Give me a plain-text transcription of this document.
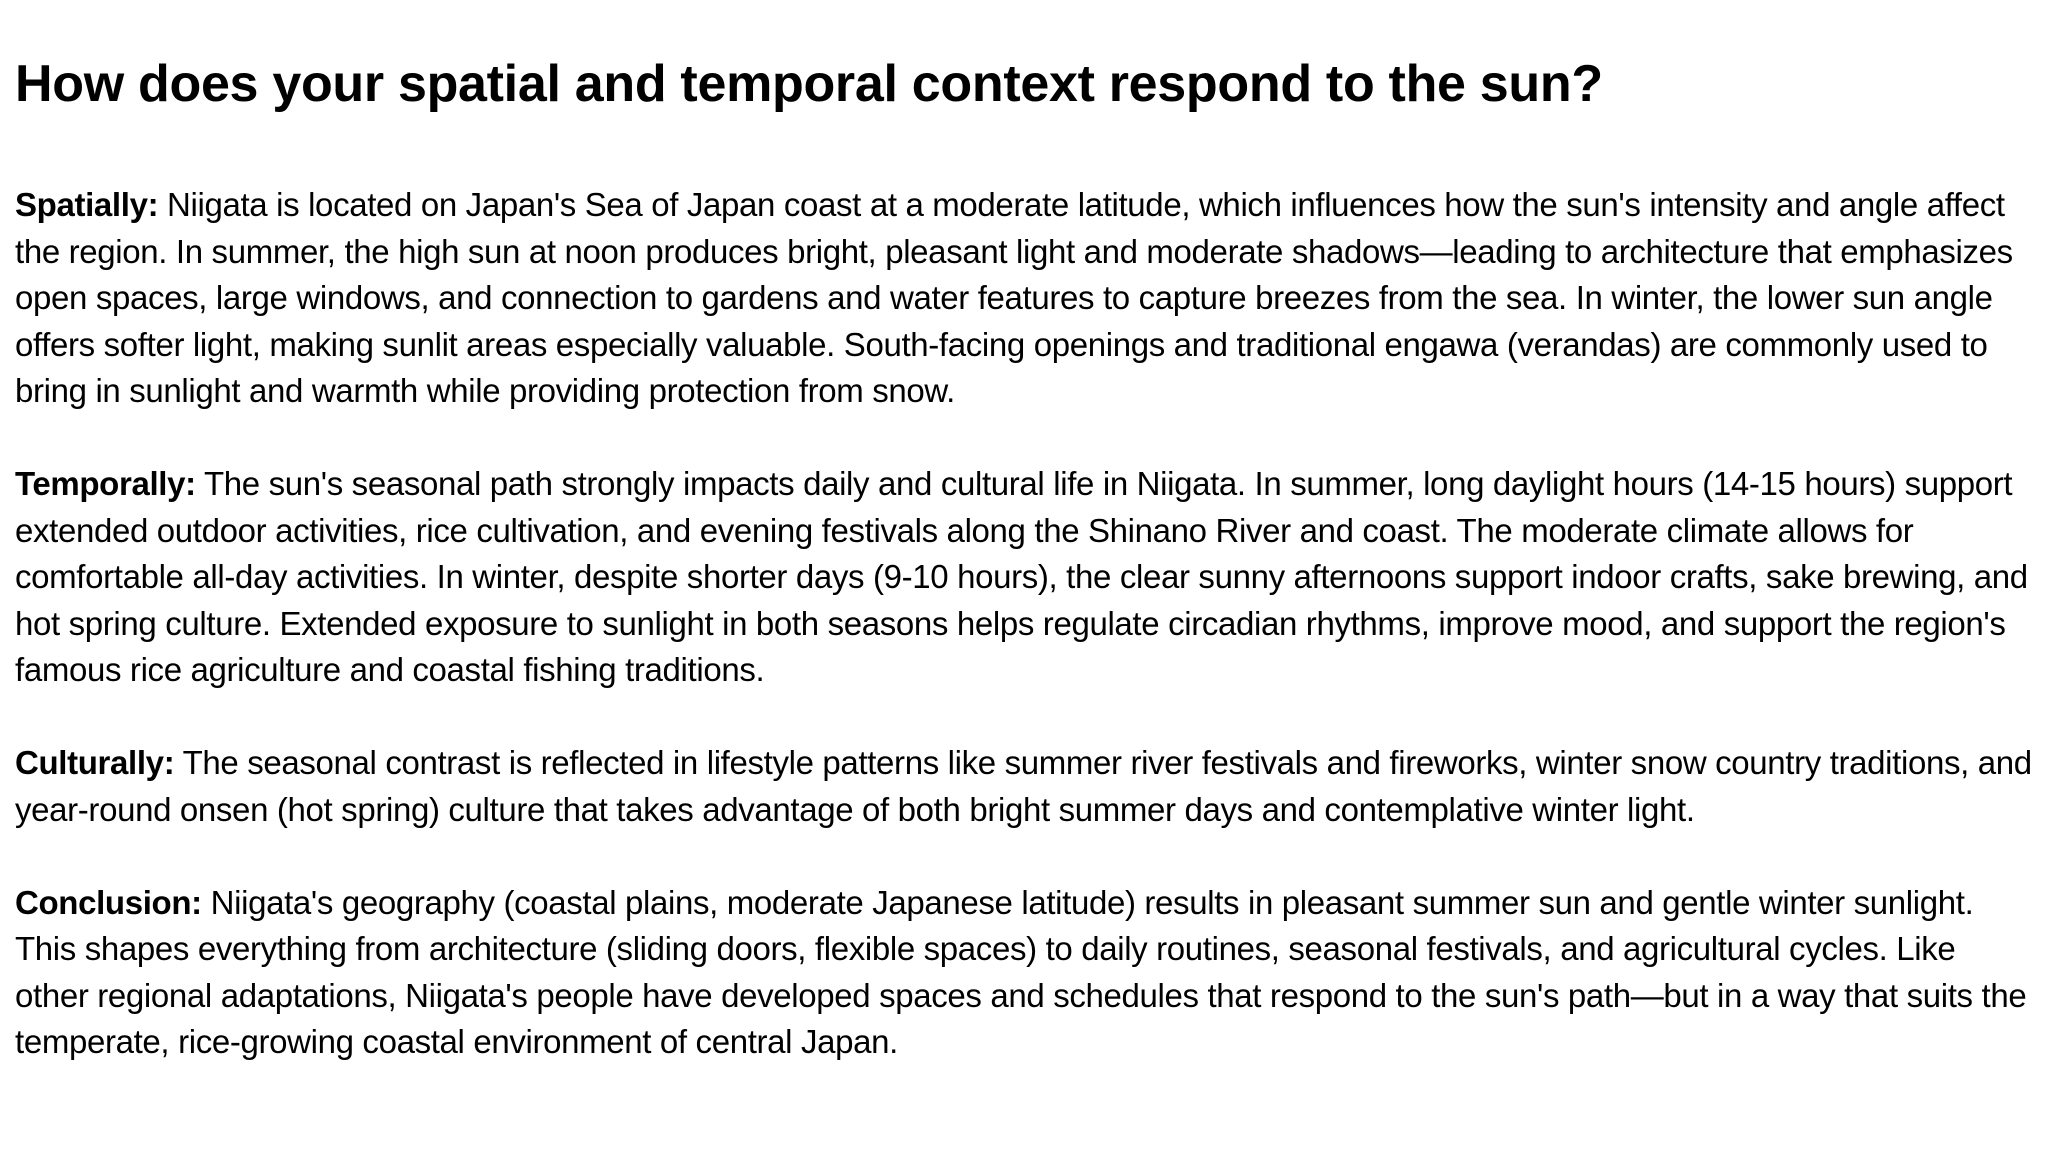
How does your spatial and temporal context respond to the sun?

Spatially: Niigata is located on Japan's Sea of Japan coast at a moderate latitude, which influences how the sun's intensity and angle affect the region. In summer, the high sun at noon produces bright, pleasant light and moderate shadows—leading to architecture that emphasizes open spaces, large windows, and connection to gardens and water features to capture breezes from the sea. In winter, the lower sun angle offers softer light, making sunlit areas especially valuable. South-facing openings and traditional engawa (verandas) are commonly used to bring in sunlight and warmth while providing protection from snow.

Temporally: The sun's seasonal path strongly impacts daily and cultural life in Niigata. In summer, long daylight hours (14-15 hours) support extended outdoor activities, rice cultivation, and evening festivals along the Shinano River and coast. The moderate climate allows for comfortable all-day activities. In winter, despite shorter days (9-10 hours), the clear sunny afternoons support indoor crafts, sake brewing, and hot spring culture. Extended exposure to sunlight in both seasons helps regulate circadian rhythms, improve mood, and support the region's famous rice agriculture and coastal fishing traditions.

Culturally: The seasonal contrast is reflected in lifestyle patterns like summer river festivals and fireworks, winter snow country traditions, and year-round onsen (hot spring) culture that takes advantage of both bright summer days and contemplative winter light.

Conclusion: Niigata's geography (coastal plains, moderate Japanese latitude) results in pleasant summer sun and gentle winter sunlight. This shapes everything from architecture (sliding doors, flexible spaces) to daily routines, seasonal festivals, and agricultural cycles. Like other regional adaptations, Niigata's people have developed spaces and schedules that respond to the sun's path—but in a way that suits the temperate, rice-growing coastal environment of central Japan.
